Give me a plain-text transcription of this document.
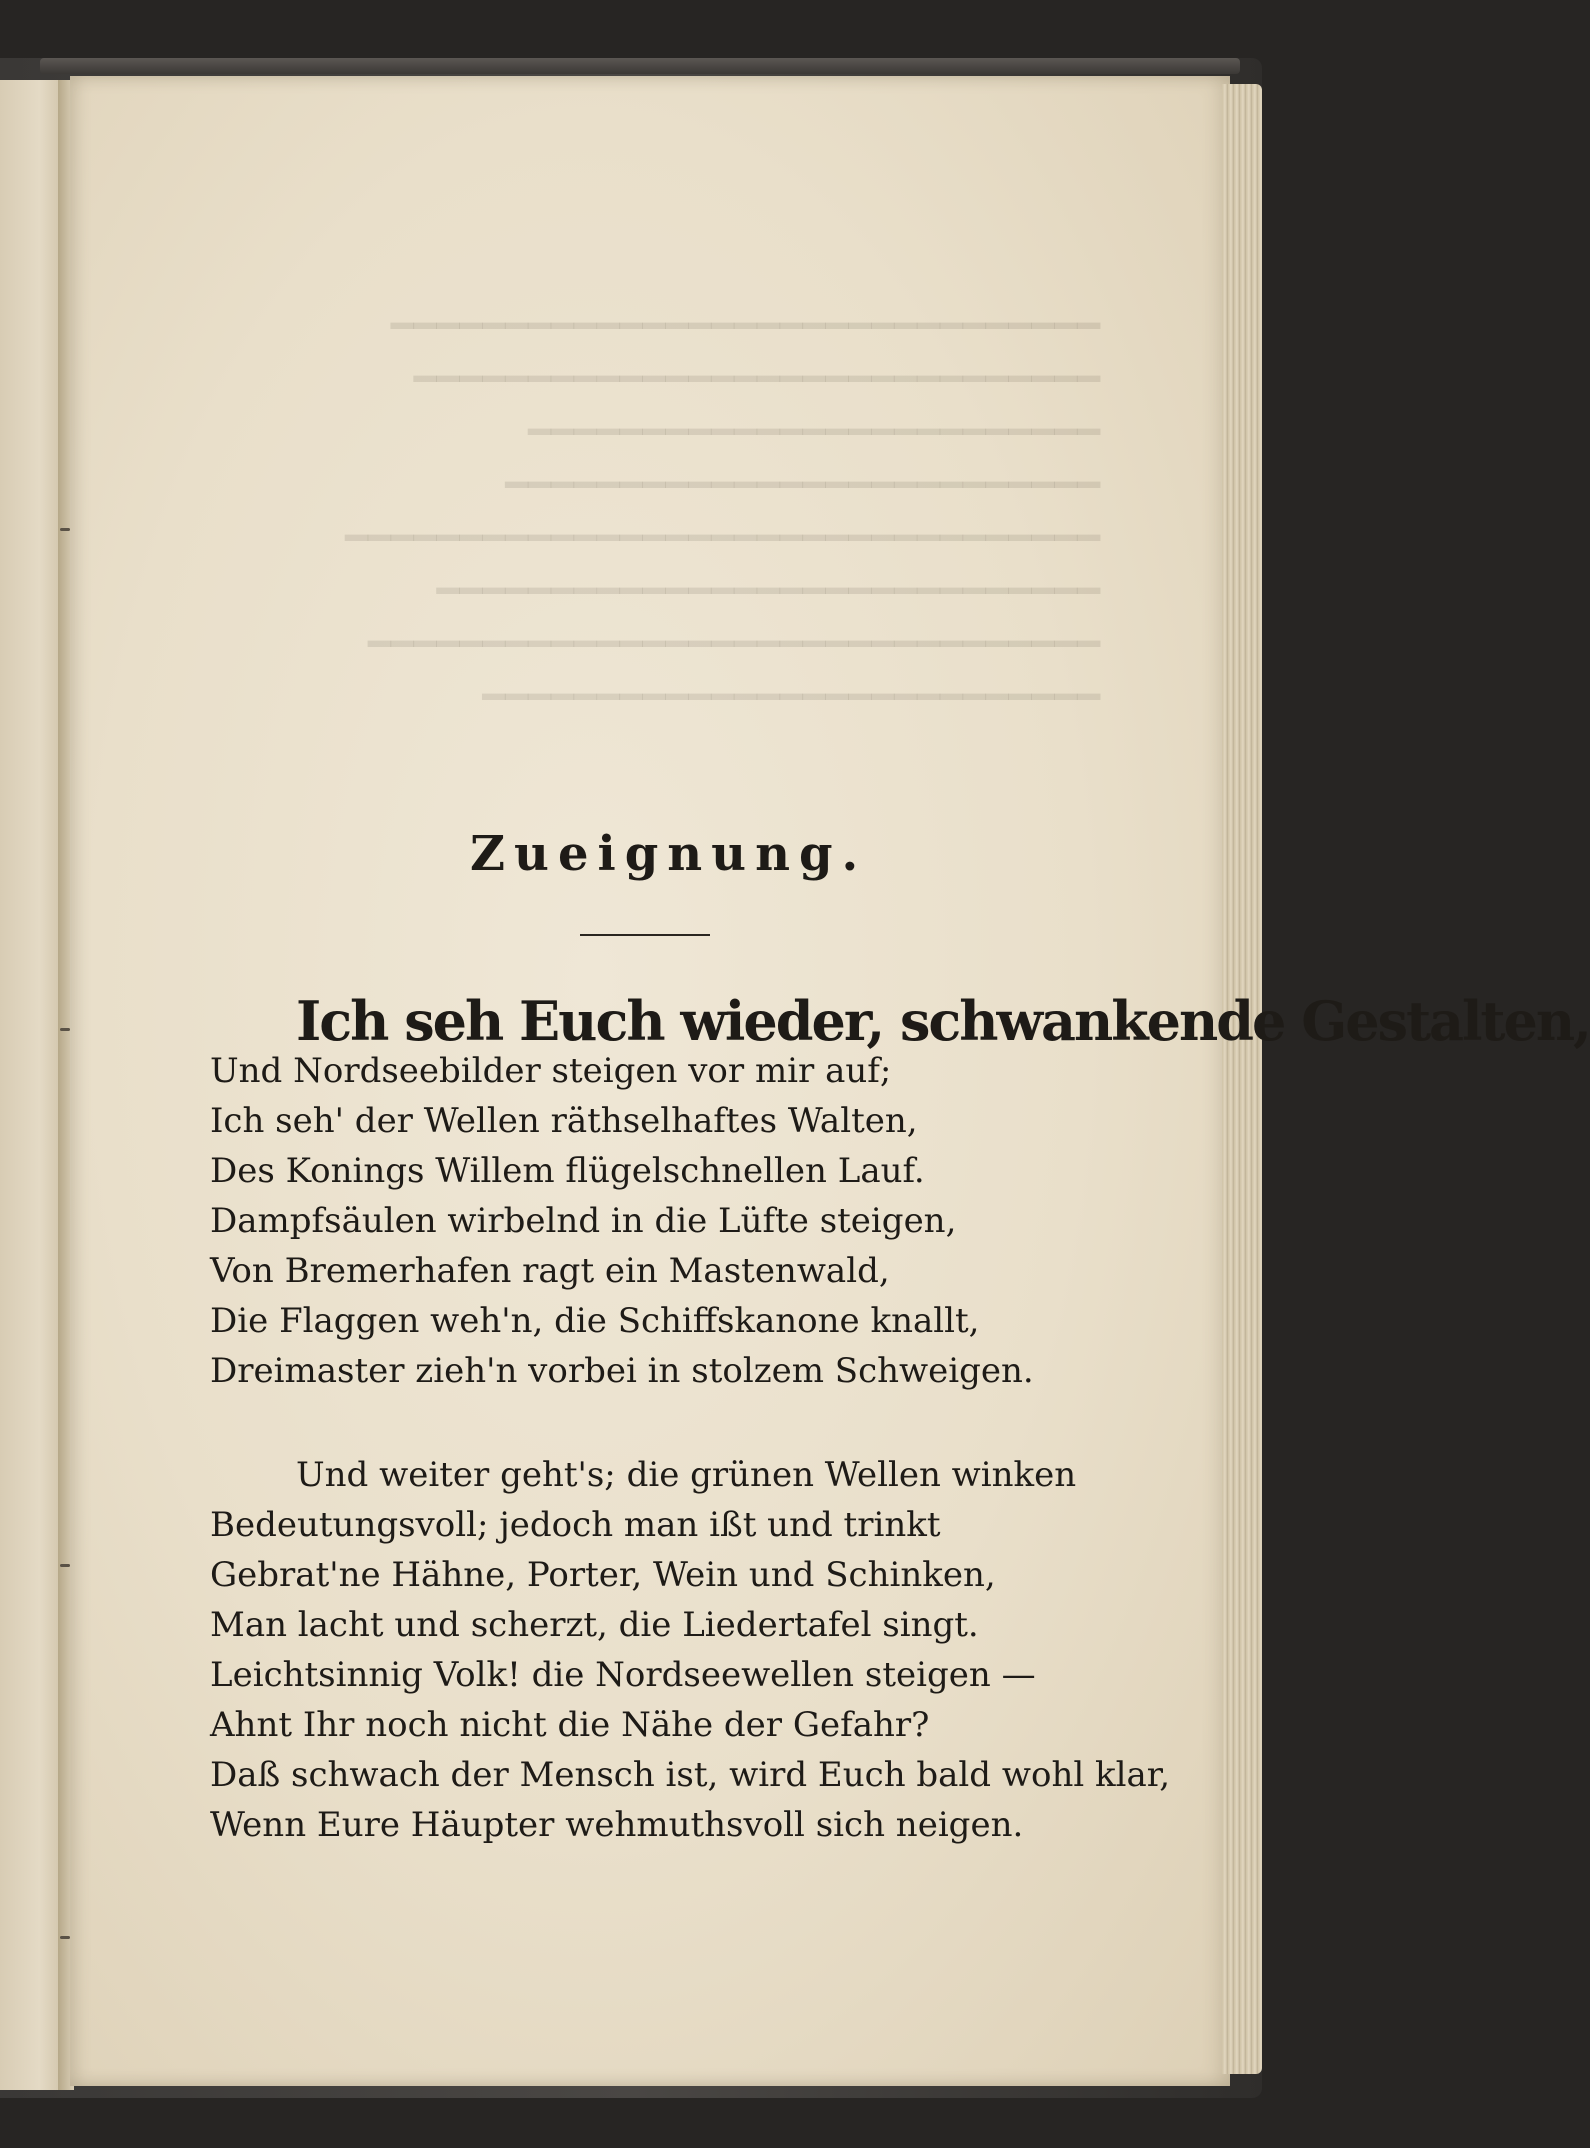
Zueignung.
Ich seh Euch wieder, schwankende Gestalten,
Und Nordseebilder steigen vor mir auf;
Ich seh' der Wellen räthselhaftes Walten,
Des Konings Willem flügelschnellen Lauf.
Dampfsäulen wirbelnd in die Lüfte steigen,
Von Bremerhafen ragt ein Mastenwald,
Die Flaggen weh'n, die Schiffskanone knallt,
Dreimaster zieh'n vorbei in stolzem Schweigen.
Und weiter geht's; die grünen Wellen winken
Bedeutungsvoll; jedoch man ißt und trinkt
Gebrat'ne Hähne, Porter, Wein und Schinken,
Man lacht und scherzt, die Liedertafel singt.
Leichtsinnig Volk! die Nordseewellen steigen —
Ahnt Ihr noch nicht die Nähe der Gefahr?
Daß schwach der Mensch ist, wird Euch bald wohl klar,
Wenn Eure Häupter wehmuthsvoll sich neigen.
